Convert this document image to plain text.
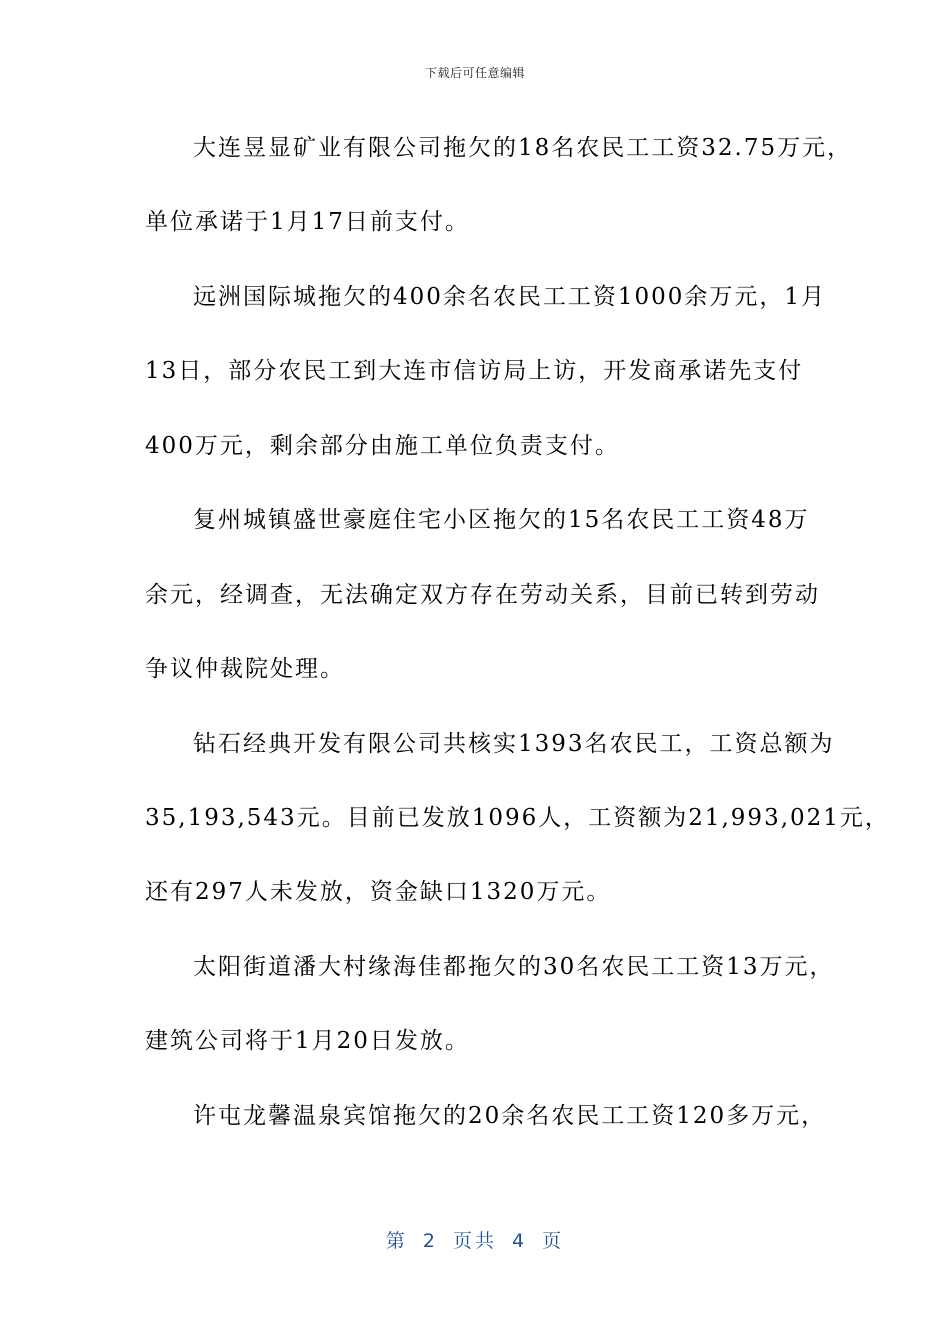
下载后可任意编辑
大连昱显矿业有限公司拖欠的18名农民工工资32.75万元，
单位承诺于1月17日前支付。
远洲国际城拖欠的400余名农民工工资1000余万元，1月
13日，部分农民工到大连市信访局上访，开发商承诺先支付
400万元，剩余部分由施工单位负责支付。
复州城镇盛世豪庭住宅小区拖欠的15名农民工工资48万
余元，经调查，无法确定双方存在劳动关系，目前已转到劳动
争议仲裁院处理。
钻石经典开发有限公司共核实1393名农民工，工资总额为
35,193,543元。目前已发放1096人，工资额为21,993,021元，
还有297人未发放，资金缺口1320万元。
太阳街道潘大村缘海佳都拖欠的30名农民工工资13万元，
建筑公司将于1月20日发放。
许屯龙馨温泉宾馆拖欠的20余名农民工工资120多万元，
第 2 页共 4 页
